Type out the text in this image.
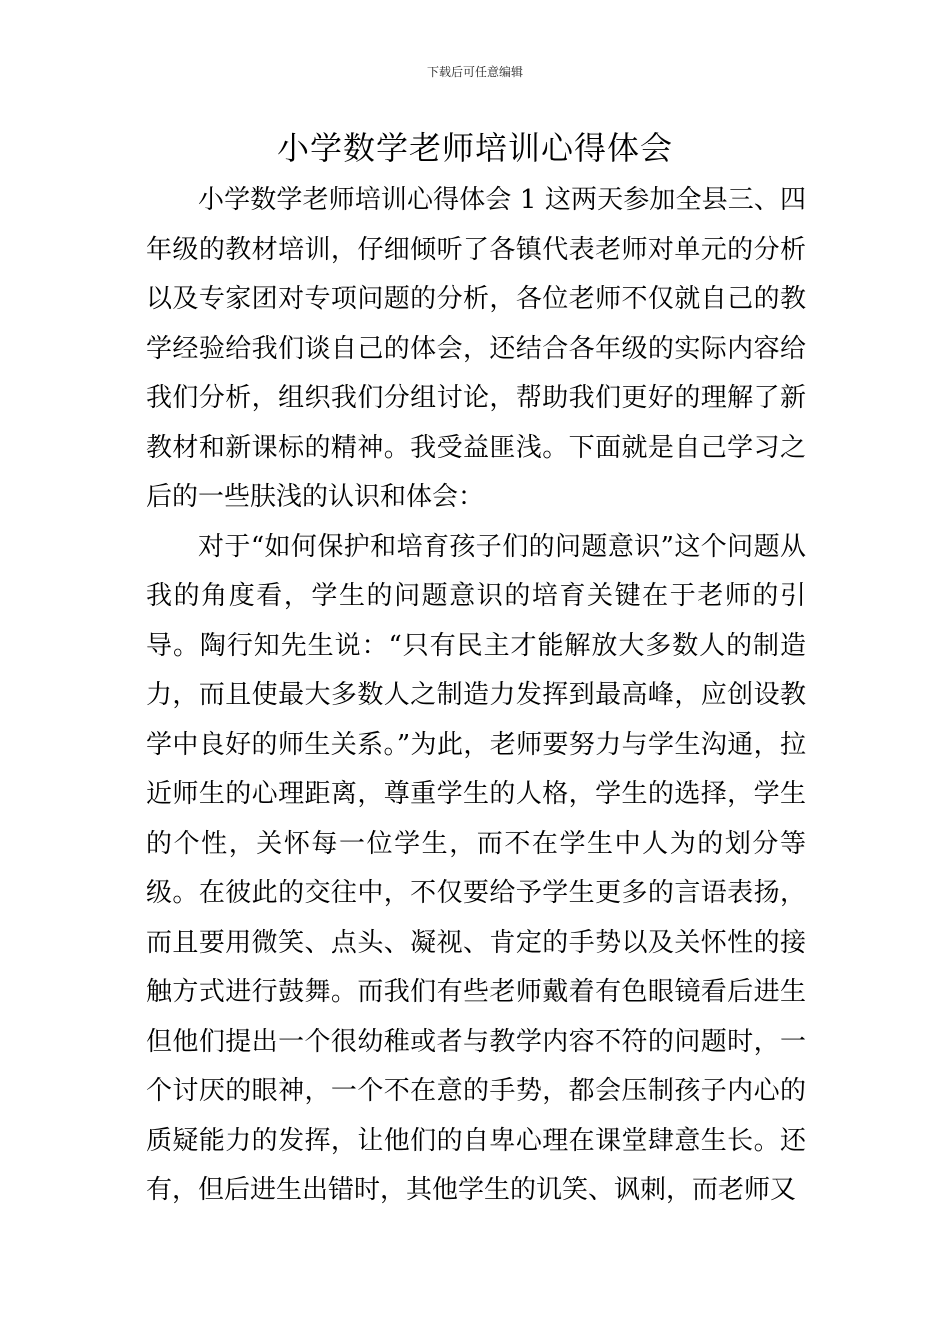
下载后可任意编辑
小学数学老师培训心得体会

小学数学老师培训心得体会 1 这两天参加全县三、四年级的教材培训，仔细倾听了各镇代表老师对单元的分析以及专家团对专项问题的分析，各位老师不仅就自己的教学经验给我们谈自己的体会，还结合各年级的实际内容给我们分析，组织我们分组讨论，帮助我们更好的理解了新教材和新课标的精神。我受益匪浅。下面就是自己学习之后的一些肤浅的认识和体会：

对于“如何保护和培育孩子们的问题意识”这个问题从我的角度看，学生的问题意识的培育关键在于老师的引导。陶行知先生说：“只有民主才能解放大多数人的制造力，而且使最大多数人之制造力发挥到最高峰，应创设教学中良好的师生关系。”为此，老师要努力与学生沟通，拉近师生的心理距离，尊重学生的人格，学生的选择，学生的个性，关怀每一位学生，而不在学生中人为的划分等级。在彼此的交往中，不仅要给予学生更多的言语表扬，而且要用微笑、点头、凝视、肯定的手势以及关怀性的接触方式进行鼓舞。而我们有些老师戴着有色眼镜看后进生但他们提出一个很幼稚或者与教学内容不符的问题时，一个讨厌的眼神，一个不在意的手势，都会压制孩子内心的质疑能力的发挥，让他们的自卑心理在课堂肆意生长。还有，但后进生出错时，其他学生的讥笑、讽刺，而老师又
